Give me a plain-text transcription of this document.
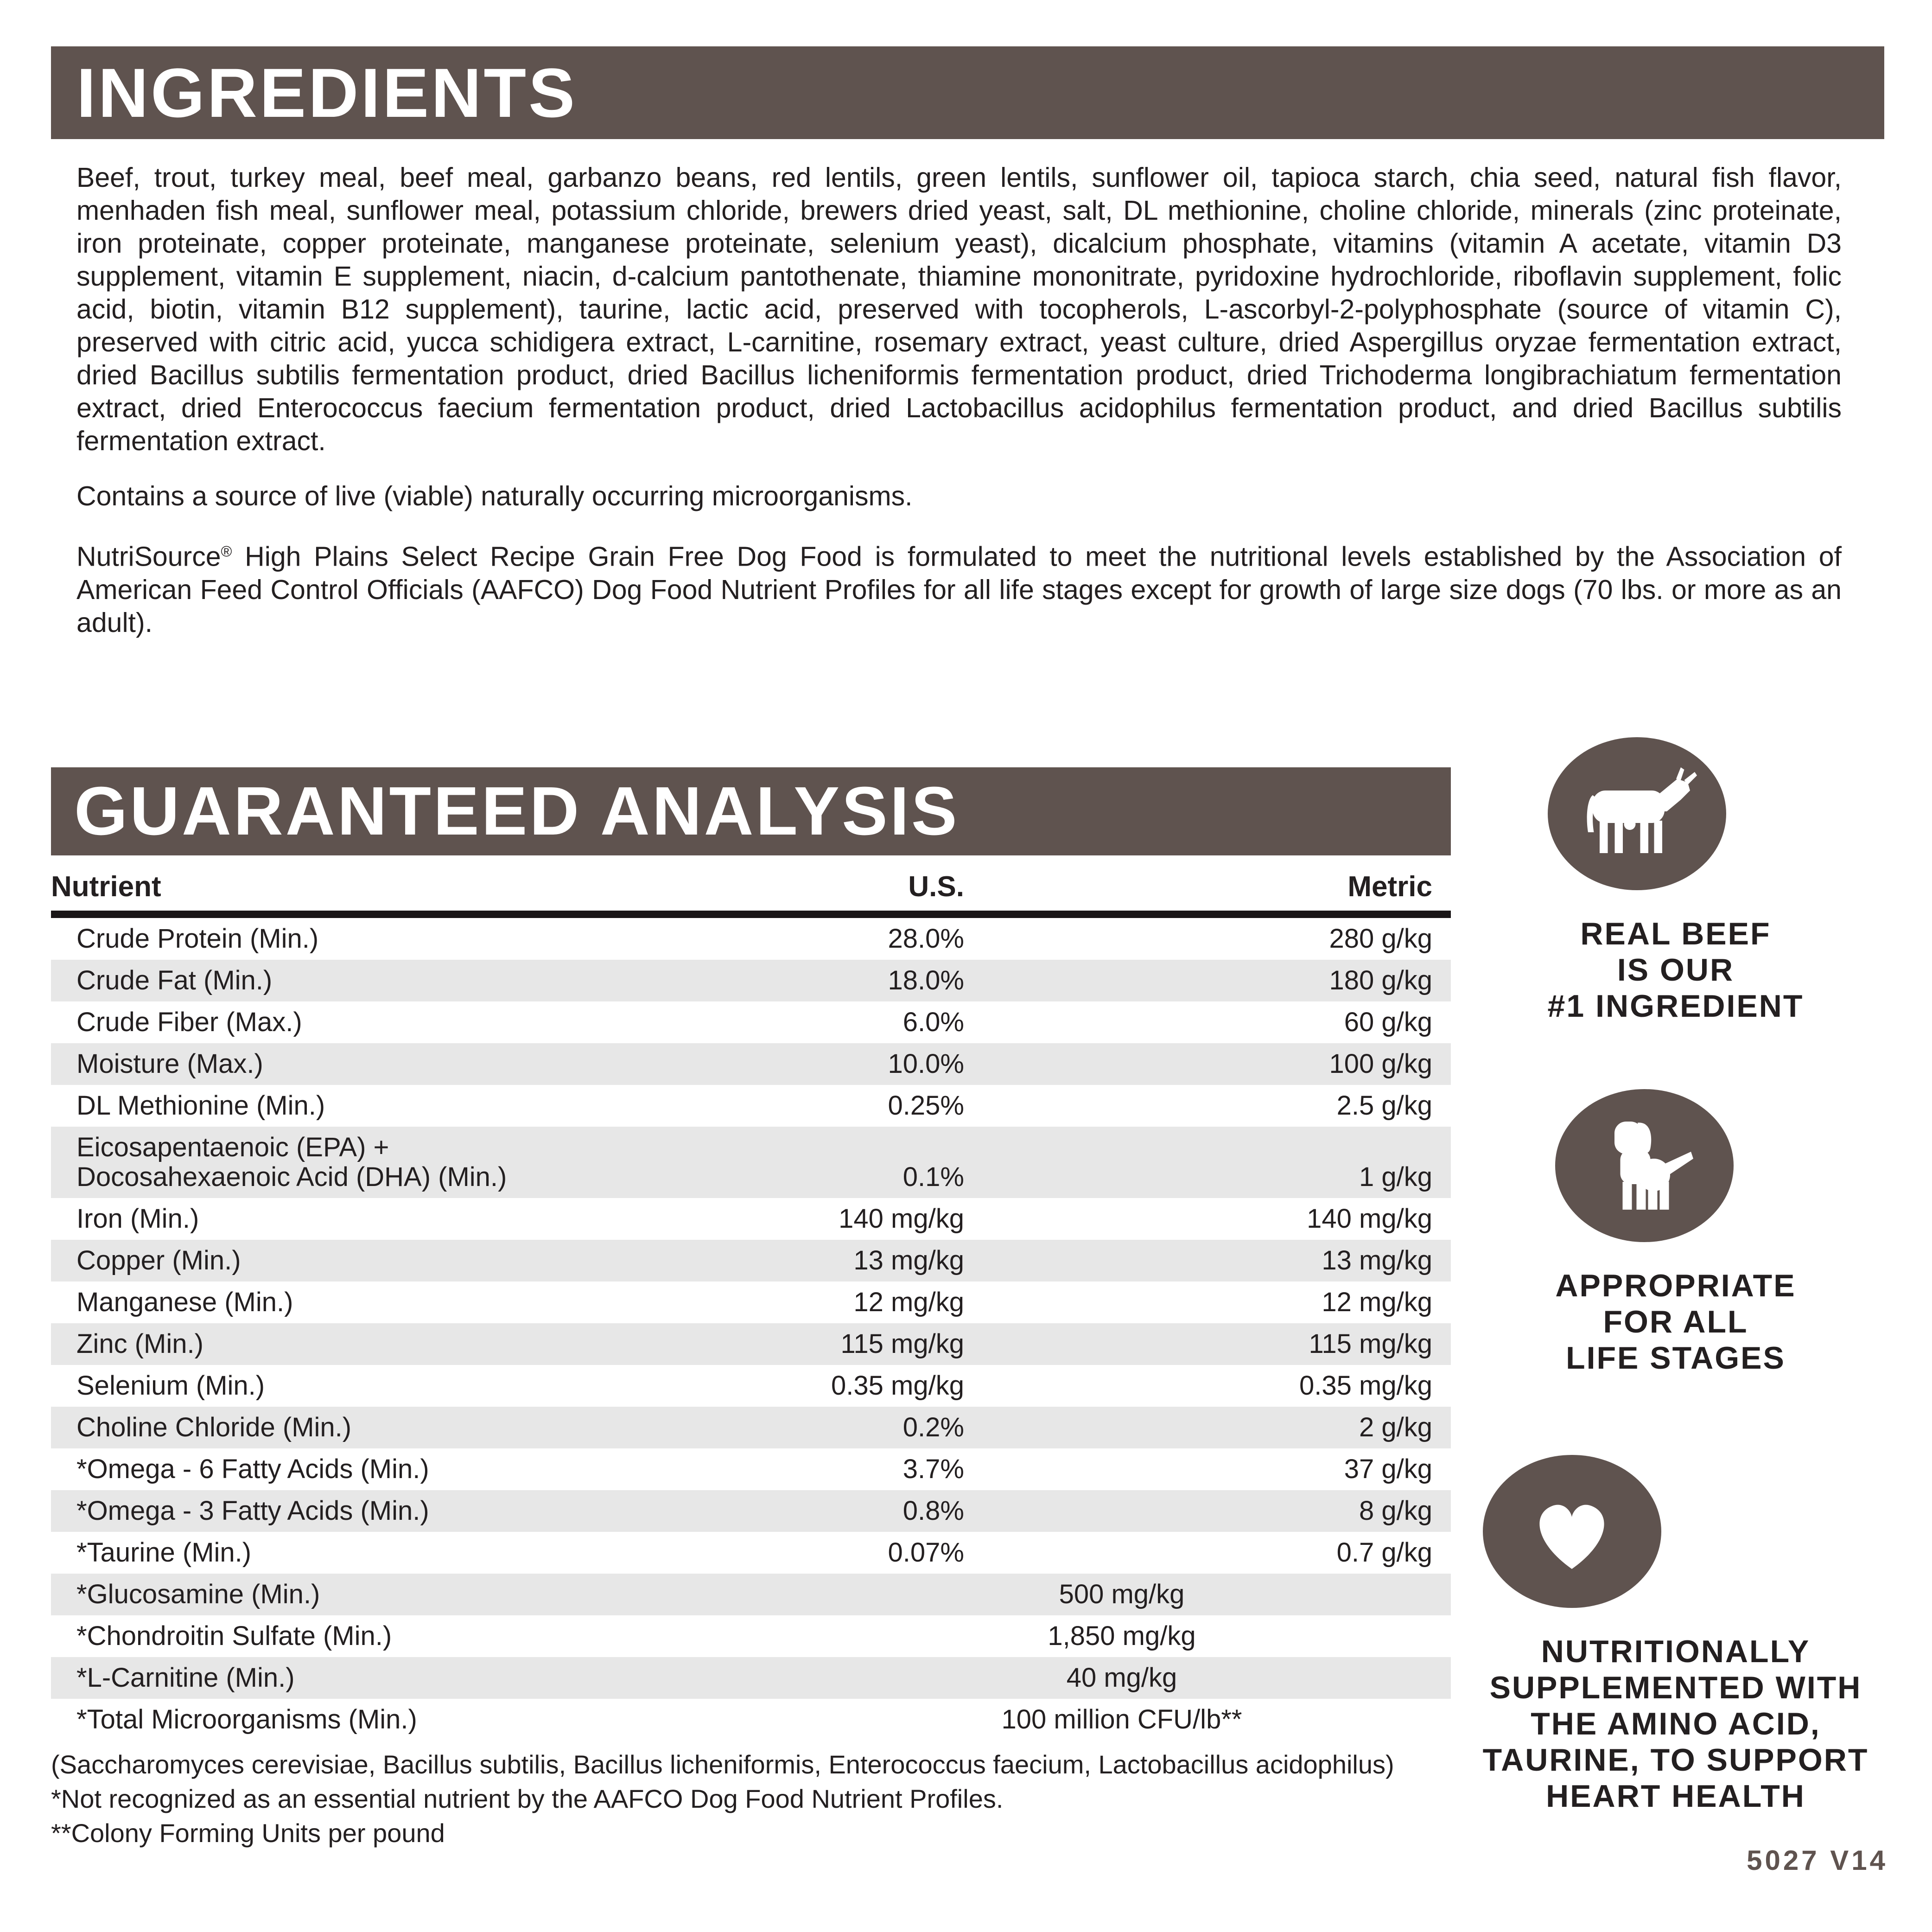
INGREDIENTS

Beef, trout, turkey meal, beef meal, garbanzo beans, red lentils, green lentils, sunflower oil, tapioca starch, chia seed, natural fish flavor, menhaden fish meal, sunflower meal, potassium chloride, brewers dried yeast, salt, DL methionine, choline chloride, minerals (zinc proteinate, iron proteinate, copper proteinate, manganese proteinate, selenium yeast), dicalcium phosphate, vitamins (vitamin A acetate, vitamin D3 supplement, vitamin E supplement, niacin, d-calcium pantothenate, thiamine mononitrate, pyridoxine hydrochloride, riboflavin supplement, folic acid, biotin, vitamin B12 supplement), taurine, lactic acid, preserved with tocopherols, L-ascorbyl-2-polyphosphate (source of vitamin C), preserved with citric acid, yucca schidigera extract, L-carnitine, rosemary extract, yeast culture, dried Aspergillus oryzae fermentation extract, dried Bacillus subtilis fermentation product, dried Bacillus licheniformis fermentation product, dried Trichoderma longibrachiatum fermentation extract, dried Enterococcus faecium fermentation product, dried Lactobacillus acidophilus fermentation product, and dried Bacillus subtilis fermentation extract.

Contains a source of live (viable) naturally occurring microorganisms.

NutriSource® High Plains Select Recipe Grain Free Dog Food is formulated to meet the nutritional levels established by the Association of American Feed Control Officials (AAFCO) Dog Food Nutrient Profiles for all life stages except for growth of large size dogs (70 lbs. or more as an adult).

GUARANTEED ANALYSIS
Nutrient	U.S.	Metric
Crude Protein (Min.)	28.0%	280 g/kg
Crude Fat (Min.)	18.0%	180 g/kg
Crude Fiber (Max.)	6.0%	60 g/kg
Moisture (Max.)	10.0%	100 g/kg
DL Methionine (Min.)	0.25%	2.5 g/kg

Eicosapentaenoic (EPA) +
Docosahexaenoic Acid (DHA) (Min.)	0.1%	1 g/kg
Iron (Min.)	140 mg/kg	140 mg/kg
Copper (Min.)	13 mg/kg	13 mg/kg
Manganese (Min.)	12 mg/kg	12 mg/kg
Zinc (Min.)	115 mg/kg	115 mg/kg
Selenium (Min.)	0.35 mg/kg	0.35 mg/kg
Choline Chloride (Min.)	0.2%	2 g/kg
*Omega - 6 Fatty Acids (Min.)	3.7%	37 g/kg
*Omega - 3 Fatty Acids (Min.)	0.8%	8 g/kg
*Taurine (Min.)	0.07%	0.7 g/kg
*Glucosamine (Min.)	500 mg/kg	
*Chondroitin Sulfate (Min.)	1,850 mg/kg	
*L-Carnitine (Min.)	40 mg/kg	
*Total Microorganisms (Min.)	100 million CFU/lb**	

(Saccharomyces cerevisiae, Bacillus subtilis, Bacillus licheniformis, Enterococcus faecium, Lactobacillus acidophilus)

*Not recognized as an essential nutrient by the AAFCO Dog Food Nutrient Profiles.

**Colony Forming Units per pound

REAL BEEF
IS OUR
#1 INGREDIENT
APPROPRIATE
FOR ALL
LIFE STAGES
NUTRITIONALLY
SUPPLEMENTED WITH
THE AMINO ACID,
TAURINE, TO SUPPORT
HEART HEALTH
5027 V14
